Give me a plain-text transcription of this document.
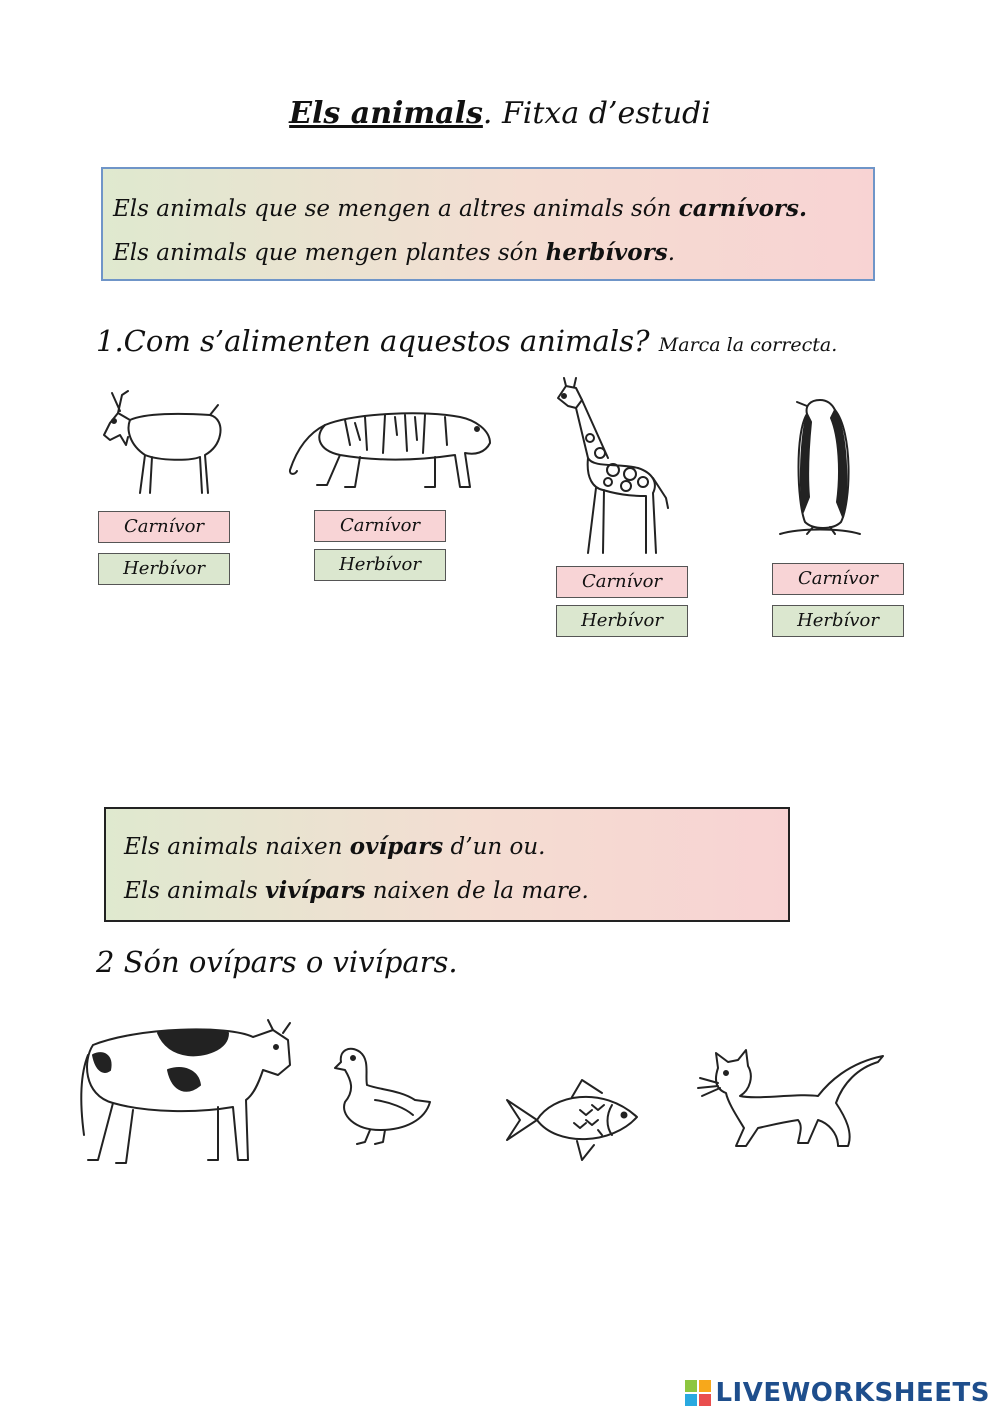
Els animals. Fitxa d’estudi
Els animals que se mengen a altres animals són carnívors.
Els animals que mengen plantes són herbívors.
1.Com s’alimenten aquestos animals? Marca la correcta.
Carnívor
Herbívor
Carnívor
Herbívor
Carnívor
Herbívor
Carnívor
Herbívor
Els animals naixen ovípars d’un ou.
Els animals vivípars naixen de la mare.
2 Són ovípars o vivípars.
LIVEWORKSHEETS
